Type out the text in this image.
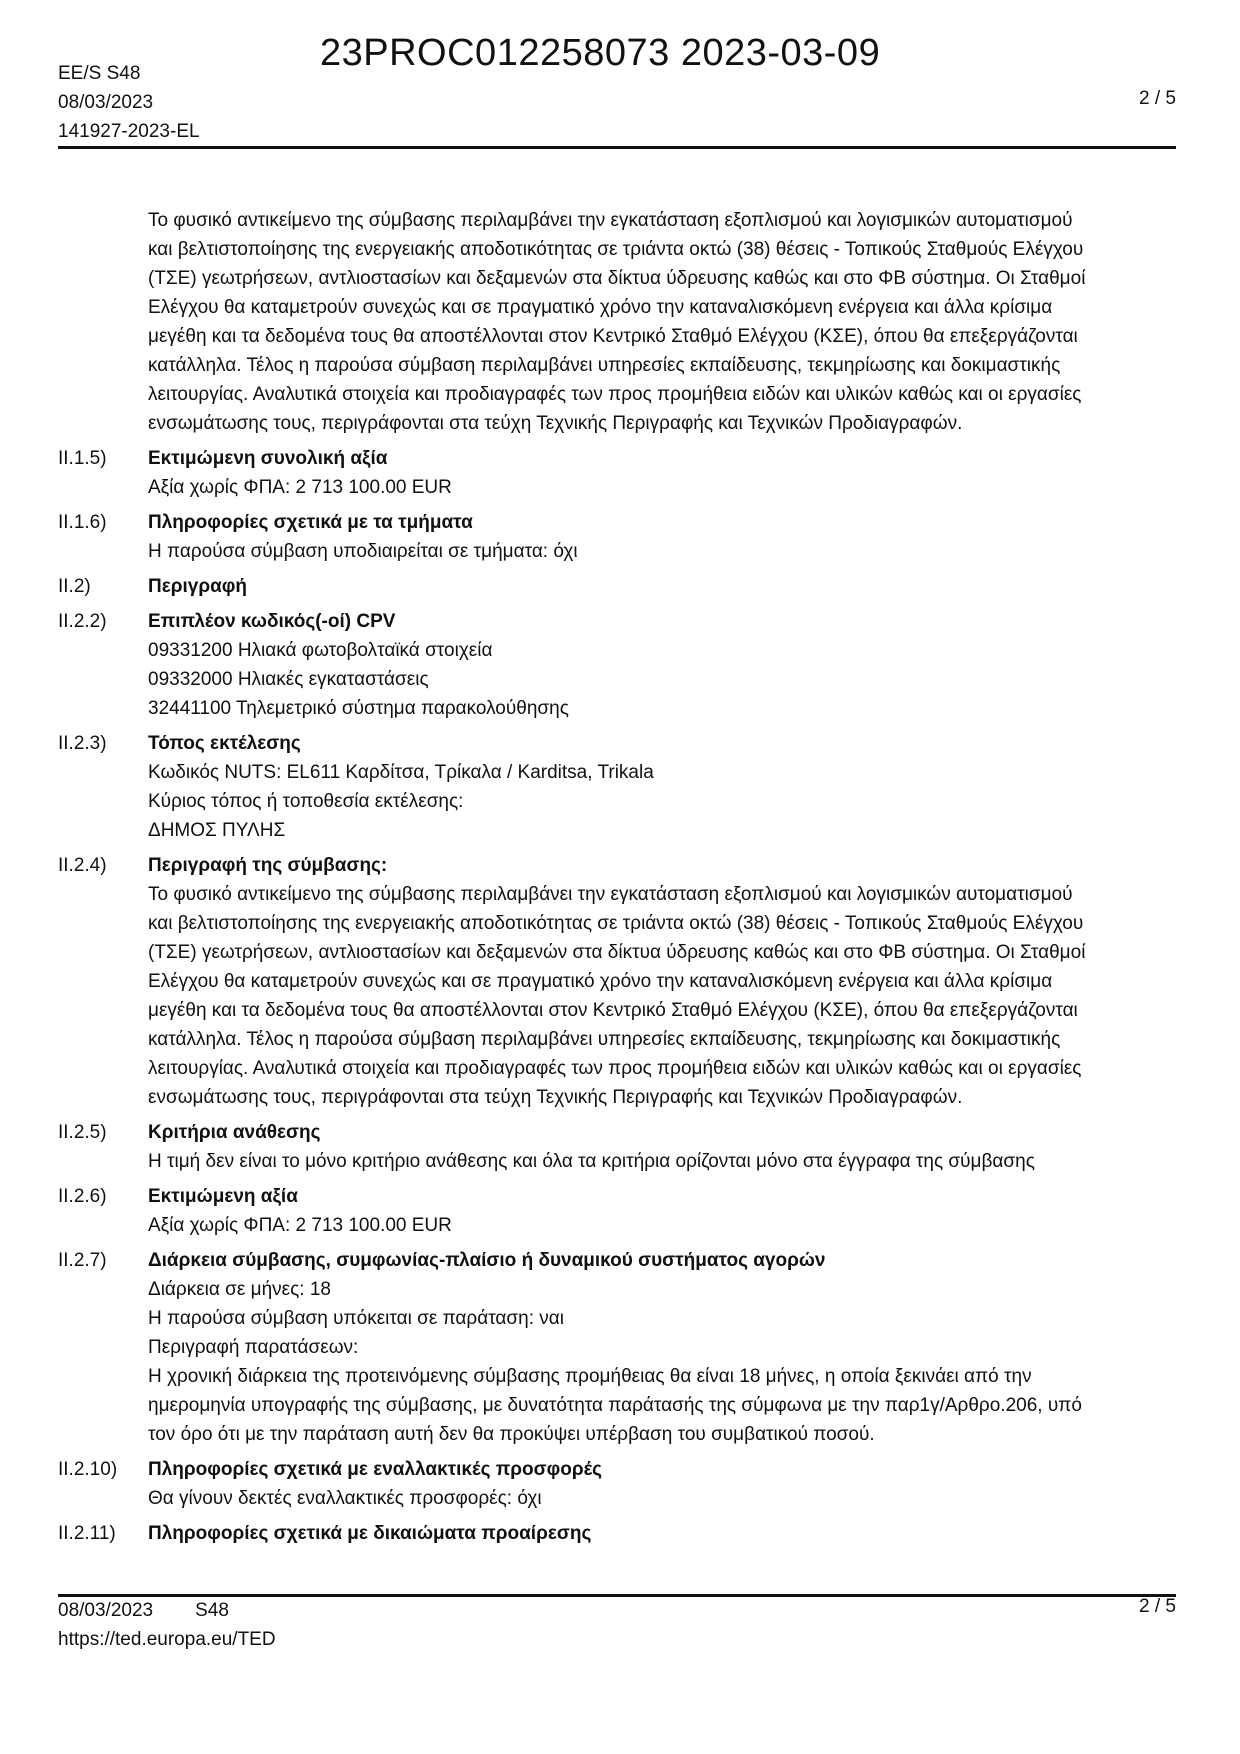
23PROC012258073 2023-03-09
EE/S S48
08/03/2023
141927-2023-EL
2 / 5
Το φυσικό αντικείμενο της σύμβασης περιλαμβάνει την εγκατάσταση εξοπλισμού και λογισμικών αυτοματισμού
και βελτιστοποίησης της ενεργειακής αποδοτικότητας σε τριάντα οκτώ (38) θέσεις - Τοπικούς Σταθμούς Ελέγχου
(ΤΣΕ) γεωτρήσεων, αντλιοστασίων και δεξαμενών στα δίκτυα ύδρευσης καθώς και στο ΦΒ σύστημα. Οι Σταθμοί
Ελέγχου θα καταμετρούν συνεχώς και σε πραγματικό χρόνο την καταναλισκόμενη ενέργεια και άλλα κρίσιμα
μεγέθη και τα δεδομένα τους θα αποστέλλονται στον Κεντρικό Σταθμό Ελέγχου (ΚΣΕ), όπου θα επεξεργάζονται
κατάλληλα. Τέλος η παρούσα σύμβαση περιλαμβάνει υπηρεσίες εκπαίδευσης, τεκμηρίωσης και δοκιμαστικής
λειτουργίας. Αναλυτικά στοιχεία και προδιαγραφές των προς προμήθεια ειδών και υλικών καθώς και οι εργασίες
ενσωμάτωσης τους, περιγράφονται στα τεύχη Τεχνικής Περιγραφής και Τεχνικών Προδιαγραφών.
II.1.5)	Εκτιμώμενη συνολική αξία
Αξία χωρίς ΦΠΑ: 2 713 100.00 EUR
II.1.6)	Πληροφορίες σχετικά με τα τμήματα
Η παρούσα σύμβαση υποδιαιρείται σε τμήματα: όχι
II.2)	Περιγραφή
II.2.2)	Επιπλέον κωδικός(-οί) CPV
09331200 Ηλιακά φωτοβολταϊκά στοιχεία
09332000 Ηλιακές εγκαταστάσεις
32441100 Τηλεμετρικό σύστημα παρακολούθησης
II.2.3)	Τόπος εκτέλεσης
Κωδικός NUTS: EL611 Καρδίτσα, Τρίκαλα / Karditsa, Trikala
Κύριος τόπος ή τοποθεσία εκτέλεσης:
ΔΗΜΟΣ ΠΥΛΗΣ
II.2.4)	Περιγραφή της σύμβασης:
Το φυσικό αντικείμενο της σύμβασης περιλαμβάνει την εγκατάσταση εξοπλισμού και λογισμικών αυτοματισμού
και βελτιστοποίησης της ενεργειακής αποδοτικότητας σε τριάντα οκτώ (38) θέσεις - Τοπικούς Σταθμούς Ελέγχου
(ΤΣΕ) γεωτρήσεων, αντλιοστασίων και δεξαμενών στα δίκτυα ύδρευσης καθώς και στο ΦΒ σύστημα. Οι Σταθμοί
Ελέγχου θα καταμετρούν συνεχώς και σε πραγματικό χρόνο την καταναλισκόμενη ενέργεια και άλλα κρίσιμα
μεγέθη και τα δεδομένα τους θα αποστέλλονται στον Κεντρικό Σταθμό Ελέγχου (ΚΣΕ), όπου θα επεξεργάζονται
κατάλληλα. Τέλος η παρούσα σύμβαση περιλαμβάνει υπηρεσίες εκπαίδευσης, τεκμηρίωσης και δοκιμαστικής
λειτουργίας. Αναλυτικά στοιχεία και προδιαγραφές των προς προμήθεια ειδών και υλικών καθώς και οι εργασίες
ενσωμάτωσης τους, περιγράφονται στα τεύχη Τεχνικής Περιγραφής και Τεχνικών Προδιαγραφών.
II.2.5)	Κριτήρια ανάθεσης
Η τιμή δεν είναι το μόνο κριτήριο ανάθεσης και όλα τα κριτήρια ορίζονται μόνο στα έγγραφα της σύμβασης
II.2.6)	Εκτιμώμενη αξία
Αξία χωρίς ΦΠΑ: 2 713 100.00 EUR
II.2.7)	Διάρκεια σύμβασης, συμφωνίας-πλαίσιο ή δυναμικού συστήματος αγορών
Διάρκεια σε μήνες: 18
Η παρούσα σύμβαση υπόκειται σε παράταση: ναι
Περιγραφή παρατάσεων:
Η χρονική διάρκεια της προτεινόμενης σύμβασης προμήθειας θα είναι 18 μήνες, η οποία ξεκινάει από την
ημερομηνία υπογραφής της σύμβασης, με δυνατότητα παράτασής της σύμφωνα με την παρ1γ/Αρθρο.206, υπό
τον όρο ότι με την παράταση αυτή δεν θα προκύψει υπέρβαση του συμβατικού ποσού.
II.2.10)	Πληροφορίες σχετικά με εναλλακτικές προσφορές
Θα γίνουν δεκτές εναλλακτικές προσφορές: όχι
II.2.11)	Πληροφορίες σχετικά με δικαιώματα προαίρεσης
08/03/2023 S48
https://ted.europa.eu/TED
2 / 5
